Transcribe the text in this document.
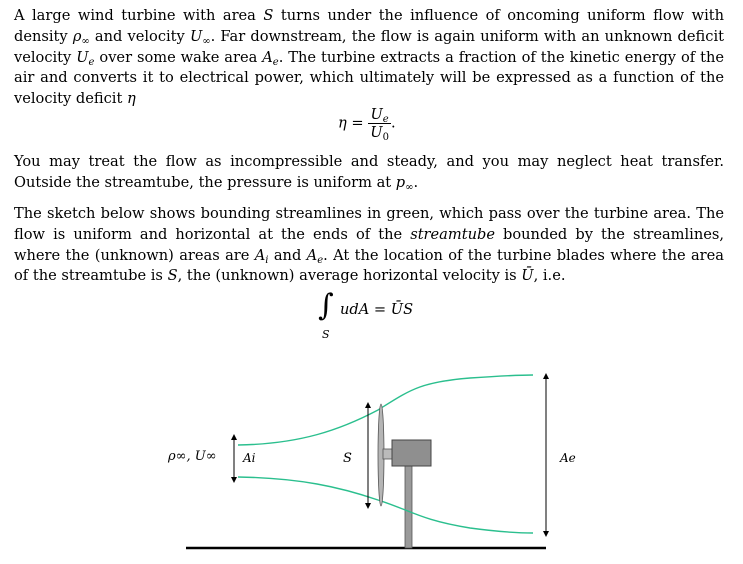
A large wind turbine with area S turns under the influence of oncoming uniform flow with density $\rho_\infty$ and velocity $U_\infty$. Far downstream, the flow is again uniform with an unknown deficit velocity $U_e$ over some wake area $A_e$. The turbine extracts a fraction of the kinetic energy of the air and converts it to electrical power, which ultimately will be expressed as a function of the velocity deficit η

$\eta = \frac{U_e}{U_0}$ .

You may treat the flow as incompressible and steady, and you may neglect heat transfer. Outside the streamtube, the pressure is uniform at $p_\infty$.

The sketch below shows bounding streamlines in green, which pass over the turbine area. The flow is uniform and horizontal at the ends of the streamtube bounded by the streamlines, where the (unknown) areas are $A_i$ and $A_e$. At the location of the turbine blades where the area of the streamtube is S, the (unknown) average horizontal velocity is Ū, i.e.

∫ udA = ŪS
S
ρ∞, U∞ Ai	S	Ae
